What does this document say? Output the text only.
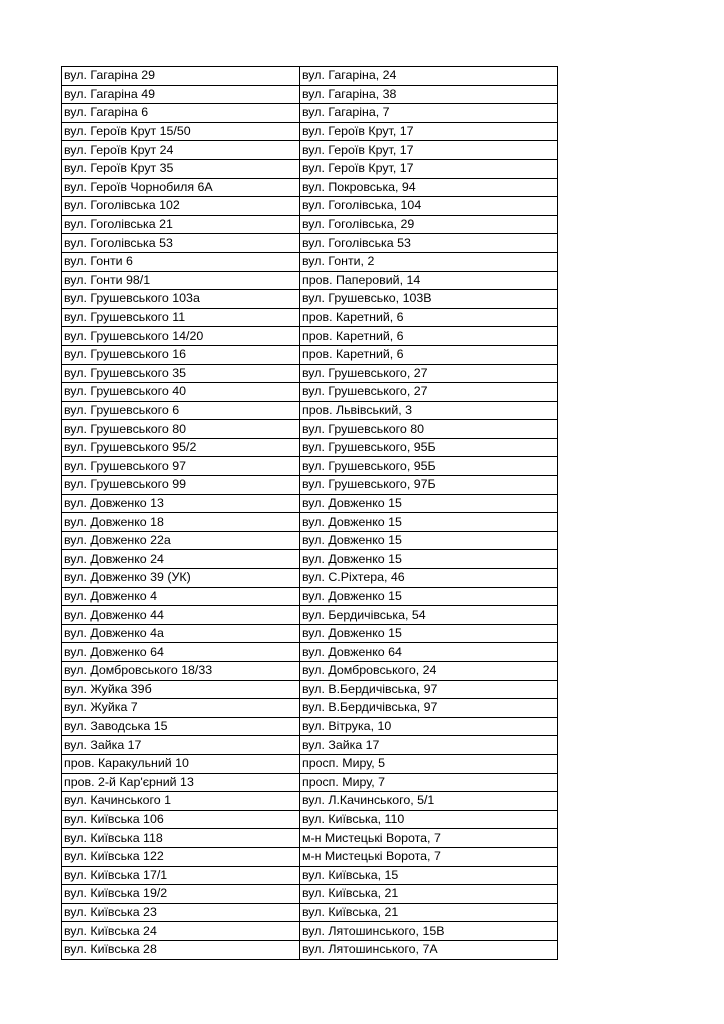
вул. Гагаріна 29	вул. Гагаріна, 24
вул. Гагаріна 49	вул. Гагаріна, 38
вул. Гагаріна 6	вул. Гагаріна, 7
вул. Героїв Крут 15/50	вул. Героїв Крут, 17
вул. Героїв Крут 24	вул. Героїв Крут, 17
вул. Героїв Крут 35	вул. Героїв Крут, 17
вул. Героїв Чорнобиля 6А	вул. Покровська, 94
вул. Гоголівська 102	вул. Гоголівська, 104
вул. Гоголівська 21	вул. Гоголівська, 29
вул. Гоголівська 53	вул. Гоголівська 53
вул. Гонти 6	вул. Гонти, 2
вул. Гонти 98/1	пров. Паперовий, 14
вул. Грушевського 103а	вул. Грушевсько, 103В
вул. Грушевського 11	пров. Каретний, 6
вул. Грушевського 14/20	пров. Каретний, 6
вул. Грушевського 16	пров. Каретний, 6
вул. Грушевського 35	вул. Грушевського, 27
вул. Грушевського 40	вул. Грушевського, 27
вул. Грушевського 6	пров. Львівський, 3
вул. Грушевського 80	вул. Грушевського 80
вул. Грушевського 95/2	вул. Грушевського, 95Б
вул. Грушевського 97	вул. Грушевського, 95Б
вул. Грушевського 99	вул. Грушевського, 97Б
вул. Довженко 13	вул. Довженко 15
вул. Довженко 18	вул. Довженко 15
вул. Довженко 22а	вул. Довженко 15
вул. Довженко 24	вул. Довженко 15
вул. Довженко 39 (УК)	вул. С.Ріхтера, 46
вул. Довженко 4	вул. Довженко 15
вул. Довженко 44	вул. Бердичівська, 54
вул. Довженко 4а	вул. Довженко 15
вул. Довженко 64	вул. Довженко 64
вул. Домбровського 18/33	вул. Домбровського, 24
вул. Жуйка 39б	вул. В.Бердичівська, 97
вул. Жуйка 7	вул. В.Бердичівська, 97
вул. Заводська 15	вул. Вітрука, 10
вул. Зайка 17	вул. Зайка 17
пров. Каракульний 10	просп. Миру, 5
пров. 2-й Кар'єрний 13	просп. Миру, 7
вул. Качинського 1	вул. Л.Качинського, 5/1
вул. Київська 106	вул. Київська, 110
вул. Київська 118	м-н Мистецькі Ворота, 7
вул. Київська 122	м-н Мистецькі Ворота, 7
вул. Київська 17/1	вул. Київська, 15
вул. Київська 19/2	вул. Київська, 21
вул. Київська 23	вул. Київська, 21
вул. Київська 24	вул. Лятошинського, 15В
вул. Київська 28	вул. Лятошинського, 7А
